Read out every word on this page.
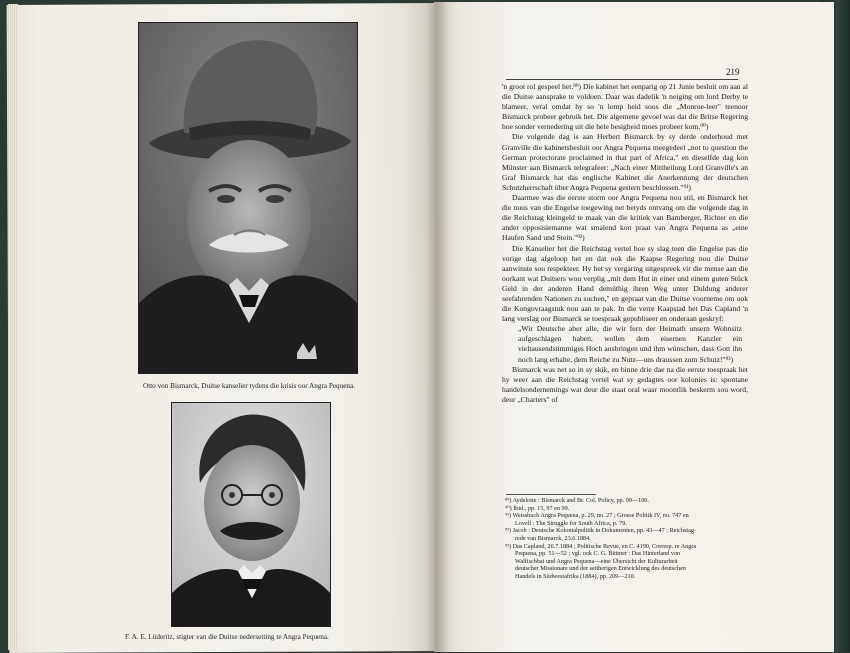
Otto von Bismarck, Duitse kanselier tydens die krisis oor Angra Pequena.
F. A. E. Lüderitz, stigter van die Duitse nedersetting te Angra Pequena.
219

'n groot rol gespeel het.⁸⁹) Die kabinet het eenparig op 21 Junie besluit om aan al die Duitse aansprake te voldoen. Daar was dadelik 'n neiging om lord Derby te blameer, veral omdat hy so 'n lomp heid soos die „Monroe-leer" teenoor Bismarck probeer gebruik het. Die algemene gevoel was dat die Britse Regering hoe sonder vernedering uit die hele besigheid moes probeer kom.⁹⁰)

Die volgende dag is aan Herbert Bismarck by sy derde onderhoud met Granville die kabinetsbesluit oor Angra Pequena meegedeel „not to question the German protectorate proclaimed in that part of Africa," en dieselfde dag kon Münster aan Bismarck telegrafeer: „Nach einer Mittheilung Lord Granville's an Graf Bismarck hat das englische Kabinet die Anerkennung der deutschen Schutzherrschaft über Angra Pequena gestern beschlossen."⁹¹)

Daarmee was die eerste storm oor Angra Pequena nou stil, en Bismarck het die nuus van die Engelse toegewing net betyds ontvang om die volgende dag in die Reichstag kleingeld te maak van die kritiek van Bamberger, Richter en die ander opposisiemanne wat smalend kon praat van Angra Pequena as „eine Haufen Sand und Stein."⁹²)

Die Kanselier het die Reichstag vertel hoe sy slag teen die Engelse pas die vorige dag afgeloop het en dat ook die Kaapse Regering nou die Duitse aanwinste sou respekteer. Hy het sy vergaring uitgespreek vir die mense aan die oorkant wat Duitsers wou verplig „mit dem Hut in einer und einem guten Stück Geld in der anderen Hand demüthig ihren Weg unter Duldung anderer seefahrenden Nationen zu suchen," en gepraat van die Duitse voorneme om ook die Kongovraagstuk nou aan te pak. In die verre Kaapstad het Das Capland 'n lang verslag oor Bismarck se toespraak gepubliseer en onderaan geskryf:

„Wir Deutsche aber alle, die wir fern der Heimath unsern Wohnsitz aufgeschlagen haben, wollen dem eisernen Kanzler ein vieltausendstimmiges Hoch ausbringen und ihm wünschen, dass Gott ihn noch lang erhalte, dem Reiche zu Nutz—uns draussen zum Schutz!"⁹³)

Bismarck was net so in sy skik, en binne drie dae na die eerste toespraak het hy weer aan die Reichstag vertel wat sy gedagtes oor kolonies is: spontane handelsondernemings wat deur die staat oral waar moontlik beskerm sou word, deur „Charters" of

⁸⁹) Aydelotte : Bismarck and Br. Col. Policy, pp. 99—100.
⁹⁰) Ibid., pp. 15, 97 en 99.
⁹¹) Weissbuch Angra Pequena, p. 29, no. 27 ; Grosse Politik IV, no. 747 en
Lovell : The Struggle for South Africa, p. 79.
⁹²) Jacob : Deutsche Kolonialpolitik in Dokumenten, pp. 43—47 : Reichstag-
rede van Bismarck, 23.6.1884.
⁹³) Das Capland, 26.7.1884 ; Politische Revue, en C. 4190, Corresp. re Angra
Pequena, pp. 51—52 ; vgl. ook C. G. Büttner : Das Hinterland von
Walfischbai und Angra Pequena—eine Übersicht der Kulturarbeit
deutscher Missionare und der seitherigen Entwicklung des deutschen
Handels in Südwestafrika (1884), pp. 209—210.
